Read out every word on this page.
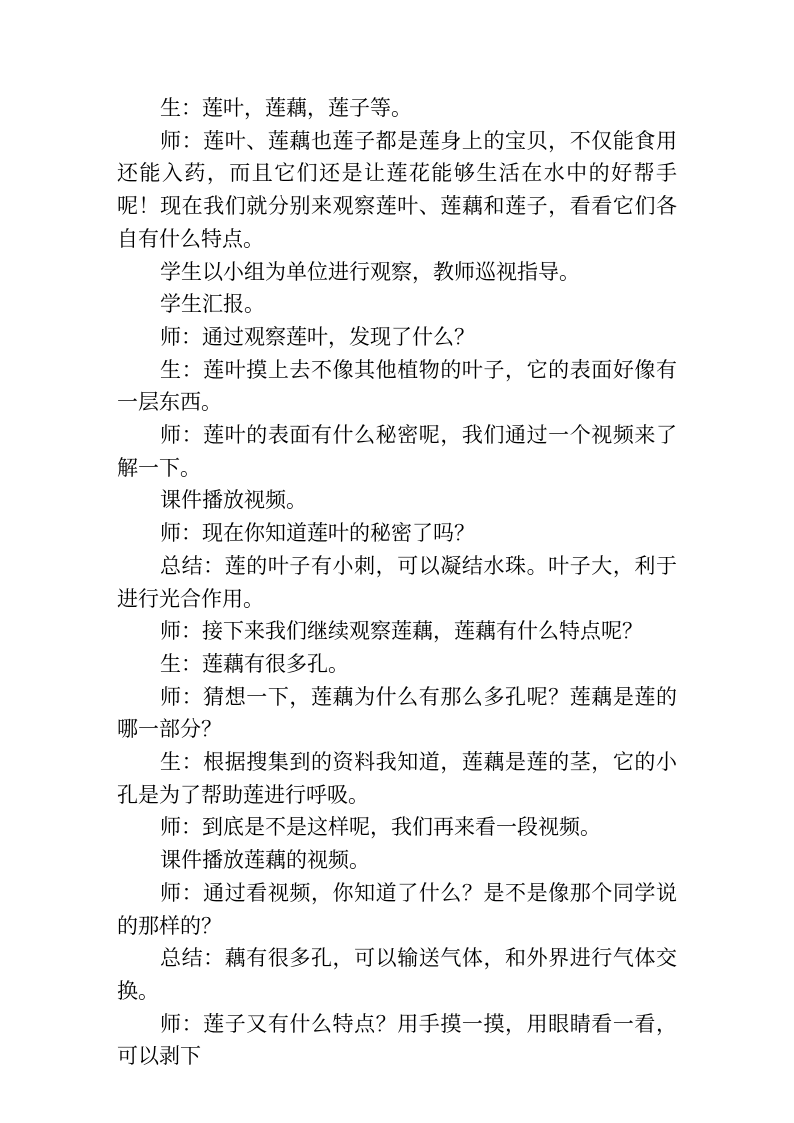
生：莲叶，莲藕，莲子等。

师：莲叶、莲藕也莲子都是莲身上的宝贝，不仅能食用还能入药，而且它们还是让莲花能够生活在水中的好帮手呢！现在我们就分别来观察莲叶、莲藕和莲子，看看它们各自有什么特点。

学生以小组为单位进行观察，教师巡视指导。

学生汇报。

师：通过观察莲叶，发现了什么？

生：莲叶摸上去不像其他植物的叶子，它的表面好像有一层东西。

师：莲叶的表面有什么秘密呢，我们通过一个视频来了解一下。

课件播放视频。

师：现在你知道莲叶的秘密了吗？

总结：莲的叶子有小刺，可以凝结水珠。叶子大，利于进行光合作用。

师：接下来我们继续观察莲藕，莲藕有什么特点呢？

生：莲藕有很多孔。

师：猜想一下，莲藕为什么有那么多孔呢？莲藕是莲的哪一部分？

生：根据搜集到的资料我知道，莲藕是莲的茎，它的小孔是为了帮助莲进行呼吸。

师：到底是不是这样呢，我们再来看一段视频。

课件播放莲藕的视频。

师：通过看视频，你知道了什么？是不是像那个同学说的那样的？

总结：藕有很多孔，可以输送气体，和外界进行气体交换。

师：莲子又有什么特点？用手摸一摸，用眼睛看一看，可以剥下
